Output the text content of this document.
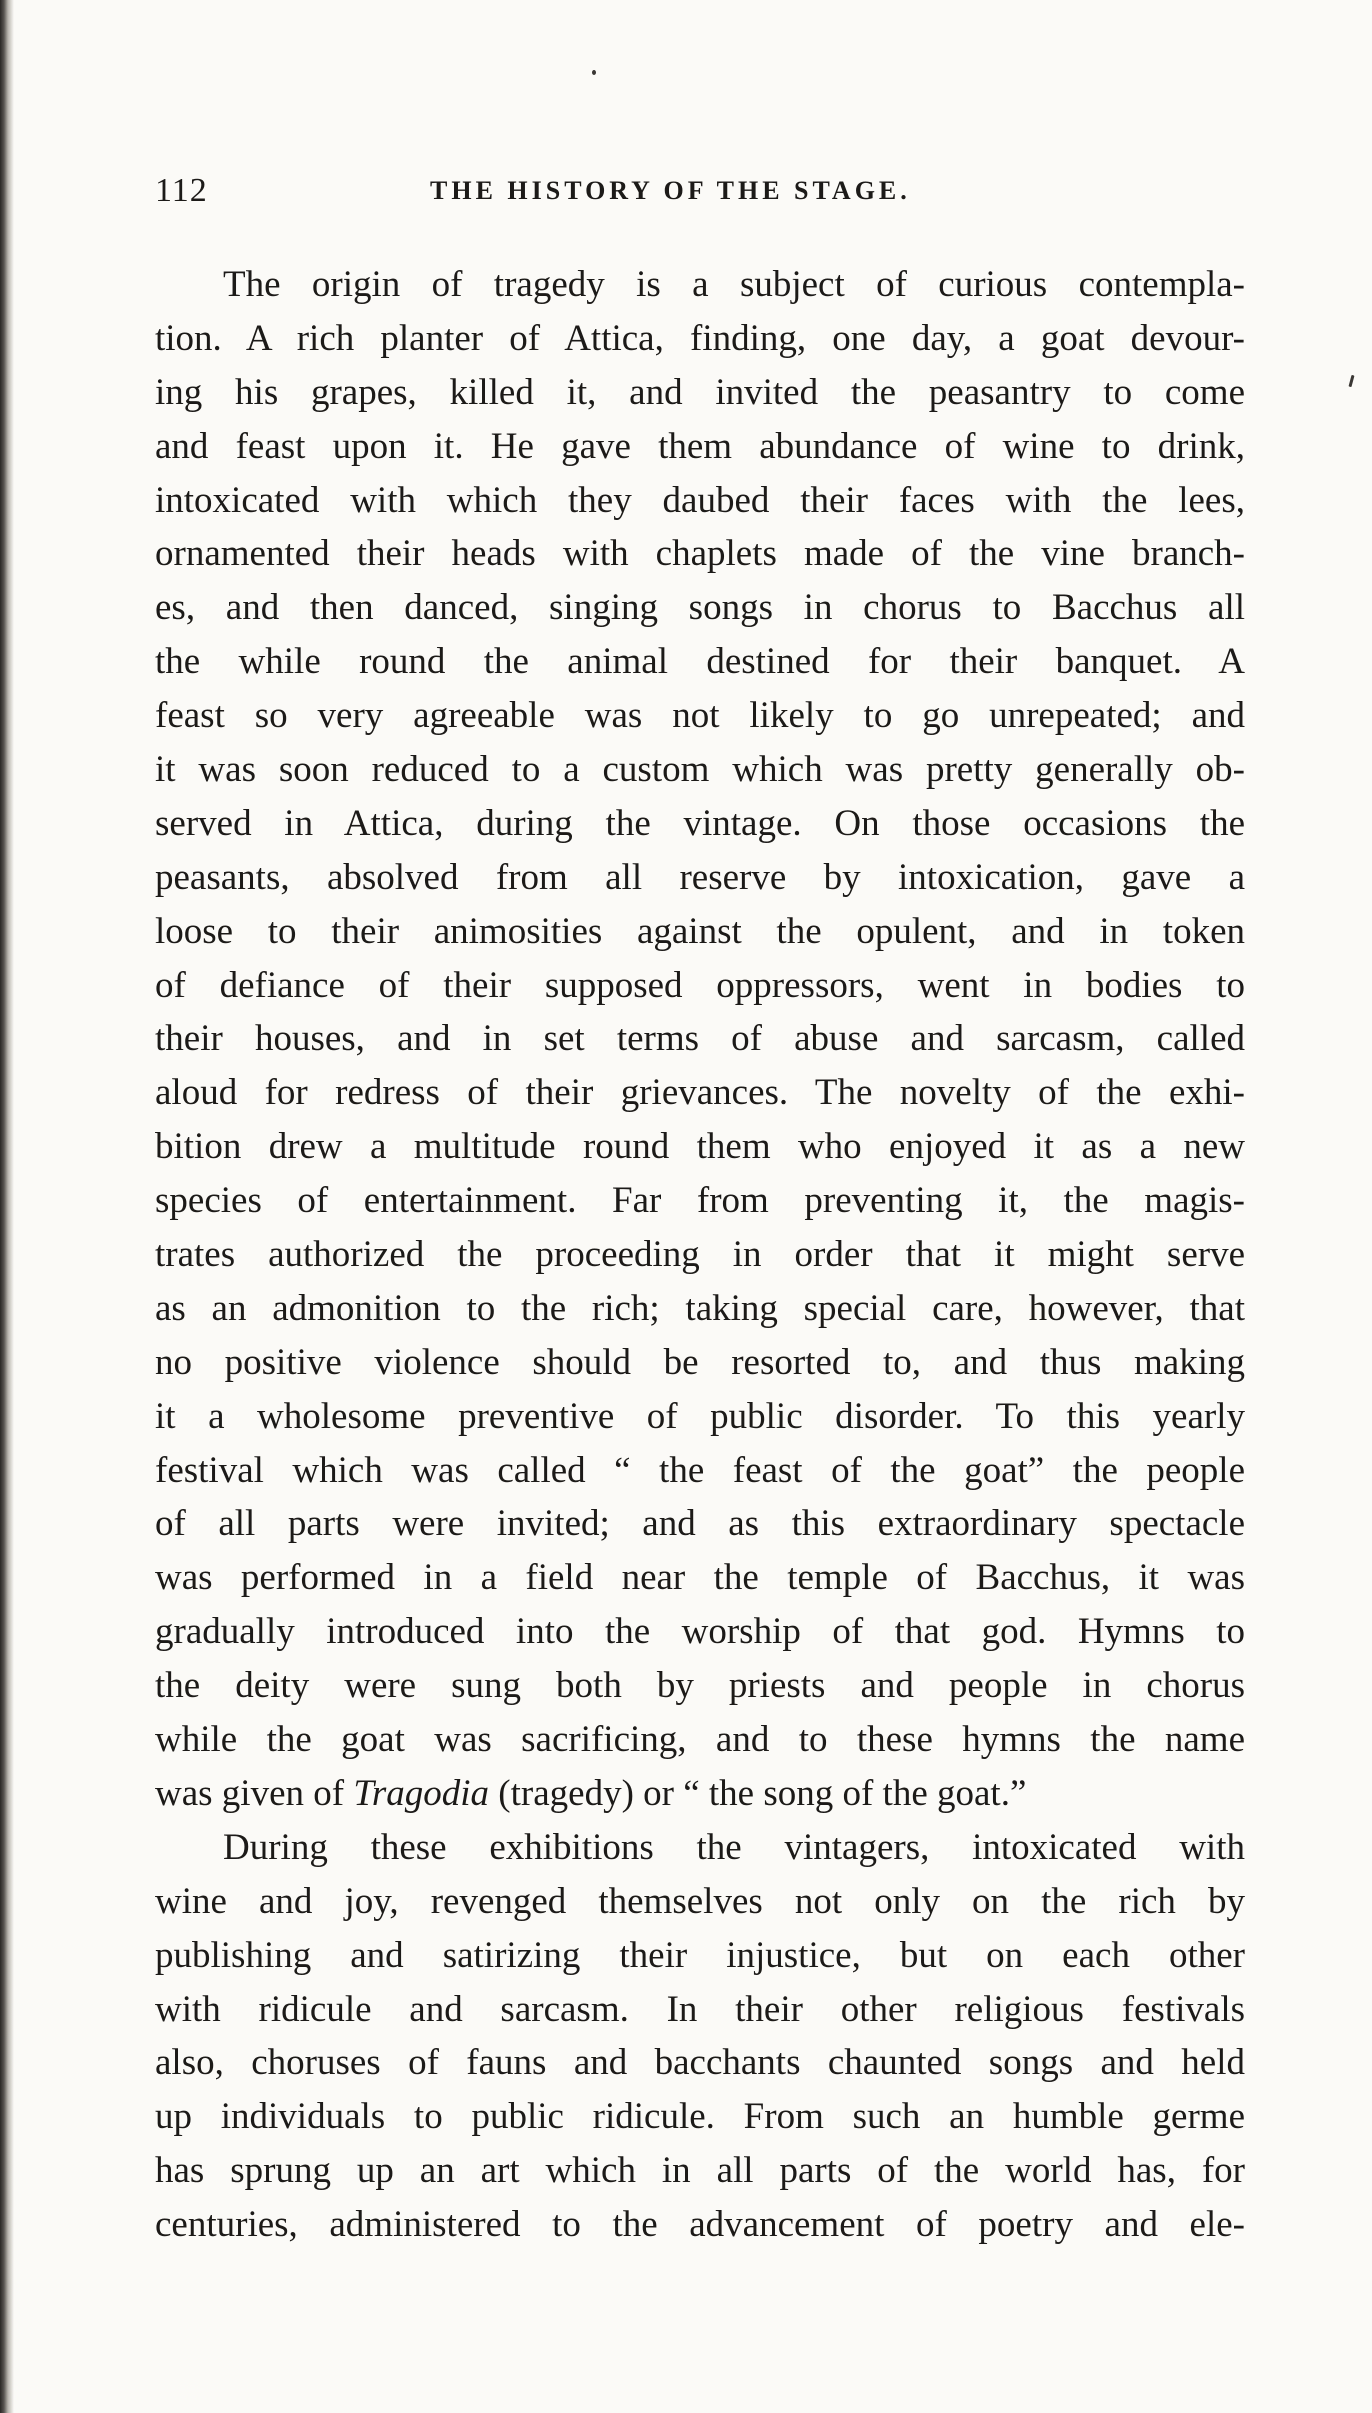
112	THE HISTORY OF THE STAGE.
The origin of tragedy is a subject of curious contempla-
tion. A rich planter of Attica, finding, one day, a goat devour-
ing his grapes, killed it, and invited the peasantry to come
and feast upon it. He gave them abundance of wine to drink,
intoxicated with which they daubed their faces with the lees,
ornamented their heads with chaplets made of the vine branch-
es, and then danced, singing songs in chorus to Bacchus all
the while round the animal destined for their banquet. A
feast so very agreeable was not likely to go unrepeated; and
it was soon reduced to a custom which was pretty generally ob-
served in Attica, during the vintage. On those occasions the
peasants, absolved from all reserve by intoxication, gave a
loose to their animosities against the opulent, and in token
of defiance of their supposed oppressors, went in bodies to
their houses, and in set terms of abuse and sarcasm, called
aloud for redress of their grievances. The novelty of the exhi-
bition drew a multitude round them who enjoyed it as a new
species of entertainment. Far from preventing it, the magis-
trates authorized the proceeding in order that it might serve
as an admonition to the rich; taking special care, however, that
no positive violence should be resorted to, and thus making
it a wholesome preventive of public disorder. To this yearly
festival which was called “ the feast of the goat” the people
of all parts were invited; and as this extraordinary spectacle
was performed in a field near the temple of Bacchus, it was
gradually introduced into the worship of that god. Hymns to
the deity were sung both by priests and people in chorus
while the goat was sacrificing, and to these hymns the name
was given of Tragodia (tragedy) or “ the song of the goat.”
During these exhibitions the vintagers, intoxicated with
wine and joy, revenged themselves not only on the rich by
publishing and satirizing their injustice, but on each other
with ridicule and sarcasm. In their other religious festivals
also, choruses of fauns and bacchants chaunted songs and held
up individuals to public ridicule. From such an humble germe
has sprung up an art which in all parts of the world has, for
centuries, administered to the advancement of poetry and ele-
